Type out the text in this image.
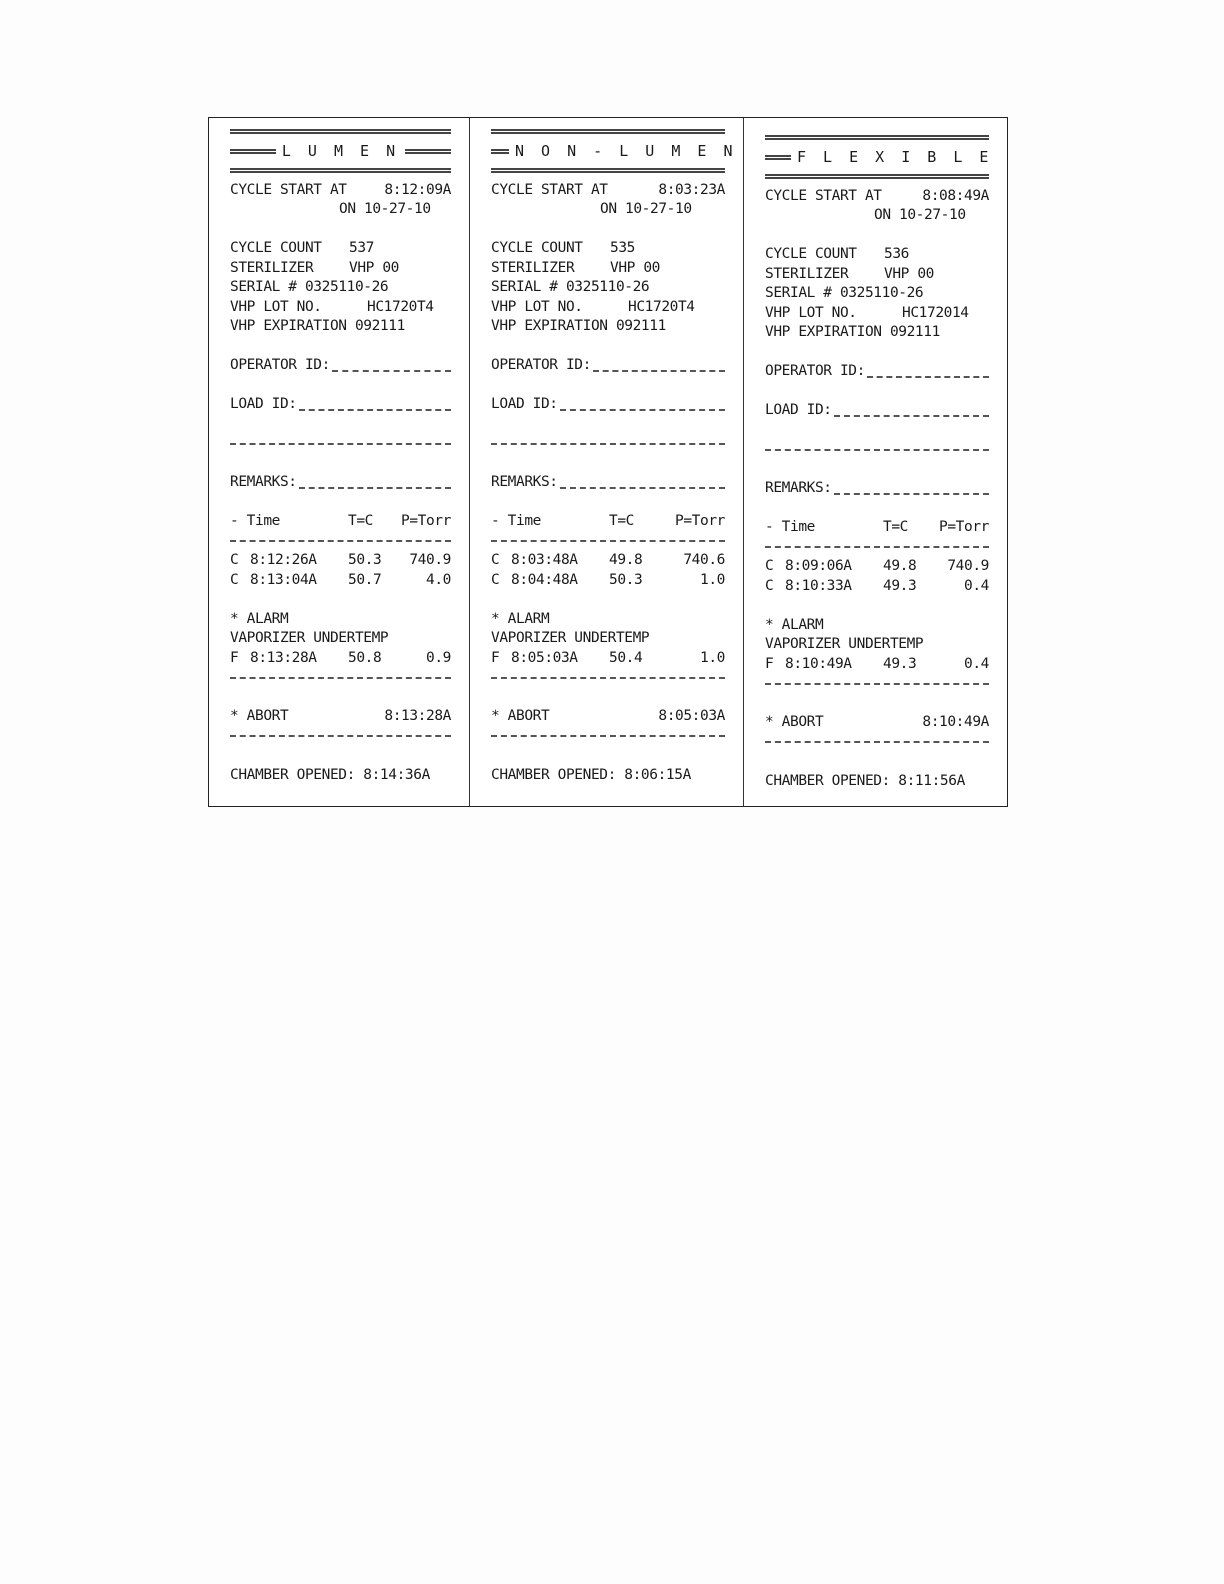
L U M E N
CYCLE START AT	8:12:09A
ON 10-27-10
CYCLE COUNT	537
STERILIZER	VHP 00
SERIAL # 0325110-26
VHP LOT NO.	HC1720T4
VHP EXPIRATION 092111
OPERATOR ID:
LOAD ID:
REMARKS:
- Time	T=C	P=Torr
C 8:12:26A	50.3	740.9
C 8:13:04A	50.7	4.0
* ALARM
VAPORIZER UNDERTEMP
F 8:13:28A	50.8	0.9
* ABORT	8:13:28A
CHAMBER OPENED: 8:14:36A
N O N - L U M E N
CYCLE START AT	8:03:23A
ON 10-27-10
CYCLE COUNT	535
STERILIZER	VHP 00
SERIAL # 0325110-26
VHP LOT NO.	HC1720T4
VHP EXPIRATION 092111
OPERATOR ID:
LOAD ID:
REMARKS:
- Time	T=C	P=Torr
C 8:03:48A	49.8	740.6
C 8:04:48A	50.3	1.0
* ALARM
VAPORIZER UNDERTEMP
F 8:05:03A	50.4	1.0
* ABORT	8:05:03A
CHAMBER OPENED: 8:06:15A
F L E X I B L E
CYCLE START AT	8:08:49A
ON 10-27-10
CYCLE COUNT	536
STERILIZER	VHP 00
SERIAL # 0325110-26
VHP LOT NO.	HC172014
VHP EXPIRATION 092111
OPERATOR ID:
LOAD ID:
REMARKS:
- Time	T=C	P=Torr
C 8:09:06A	49.8	740.9
C 8:10:33A	49.3	0.4
* ALARM
VAPORIZER UNDERTEMP
F 8:10:49A	49.3	0.4
* ABORT	8:10:49A
CHAMBER OPENED: 8:11:56A
